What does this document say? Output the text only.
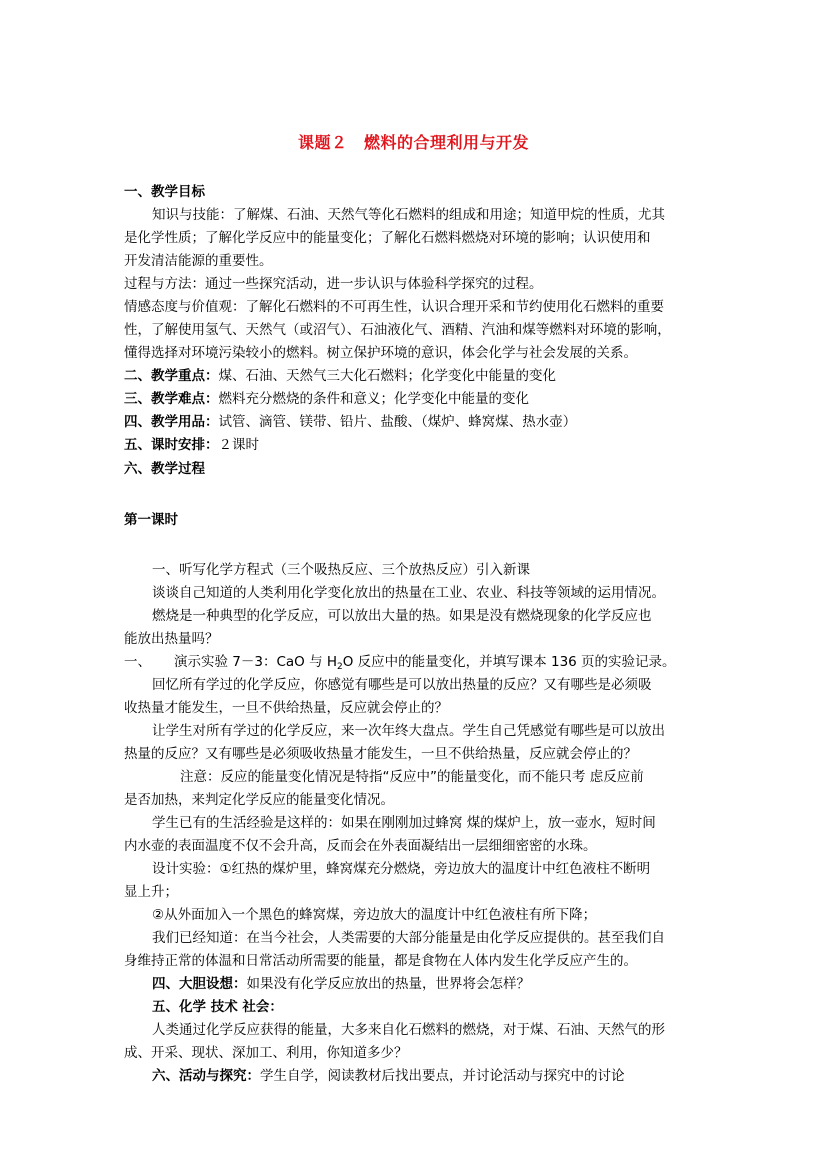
课题２　燃料的合理利用与开发
一、教学目标
知识与技能：了解煤、石油、天然气等化石燃料的组成和用途；知道甲烷的性质，尤其
是化学性质；了解化学反应中的能量变化；了解化石燃料燃烧对环境的影响；认识使用和
开发清洁能源的重要性。
过程与方法：通过一些探究活动，进一步认识与体验科学探究的过程。
情感态度与价值观：了解化石燃料的不可再生性，认识合理开采和节约使用化石燃料的重要
性，了解使用氢气、天然气（或沼气）、石油液化气、酒精、汽油和煤等燃料对环境的影响，
懂得选择对环境污染较小的燃料。树立保护环境的意识，体会化学与社会发展的关系。
二、教学重点：煤、石油、天然气三大化石燃料；化学变化中能量的变化
三、教学难点：燃料充分燃烧的条件和意义；化学变化中能量的变化
四、教学用品：试管、滴管、镁带、铅片、盐酸、（煤炉、蜂窝煤、热水壶）
五、课时安排：２课时
六、教学过程
第一课时
一、听写化学方程式（三个吸热反应、三个放热反应）引入新课
谈谈自己知道的人类利用化学变化放出的热量在工业、农业、科技等领域的运用情况。
燃烧是一种典型的化学反应，可以放出大量的热。如果是没有燃烧现象的化学反应也
能放出热量吗？
一、 演示实验 7－3：CaO 与 $H_2O$ 反应中的能量变化，并填写课本 136 页的实验记录。
回忆所有学过的化学反应，你感觉有哪些是可以放出热量的反应？又有哪些是必须吸
收热量才能发生，一旦不供给热量，反应就会停止的？
让学生对所有学过的化学反应，来一次年终大盘点。学生自己凭感觉有哪些是可以放出
热量的反应？又有哪些是必须吸收热量才能发生，一旦不供给热量，反应就会停止的？
注意：反应的能量变化情况是特指“反应中”的能量变化，而不能只考 虑反应前
是否加热，来判定化学反应的能量变化情况。
学生已有的生活经验是这样的：如果在刚刚加过蜂窝 煤的煤炉上，放一壶水，短时间
内水壶的表面温度不仅不会升高，反而会在外表面凝结出一层细细密密的水珠。
设计实验：①红热的煤炉里，蜂窝煤充分燃烧，旁边放大的温度计中红色液柱不断明
显上升；
②从外面加入一个黑色的蜂窝煤，旁边放大的温度计中红色液柱有所下降；
我们已经知道：在当今社会，人类需要的大部分能量是由化学反应提供的。甚至我们自
身维持正常的体温和日常活动所需要的能量，都是食物在人体内发生化学反应产生的。
四、大胆设想：如果没有化学反应放出的热量，世界将会怎样？
五、化学 技术 社会：
人类通过化学反应获得的能量，大多来自化石燃料的燃烧，对于煤、石油、天然气的形
成、开采、现状、深加工、利用，你知道多少？
六、活动与探究：学生自学，阅读教材后找出要点，并讨论活动与探究中的讨论
